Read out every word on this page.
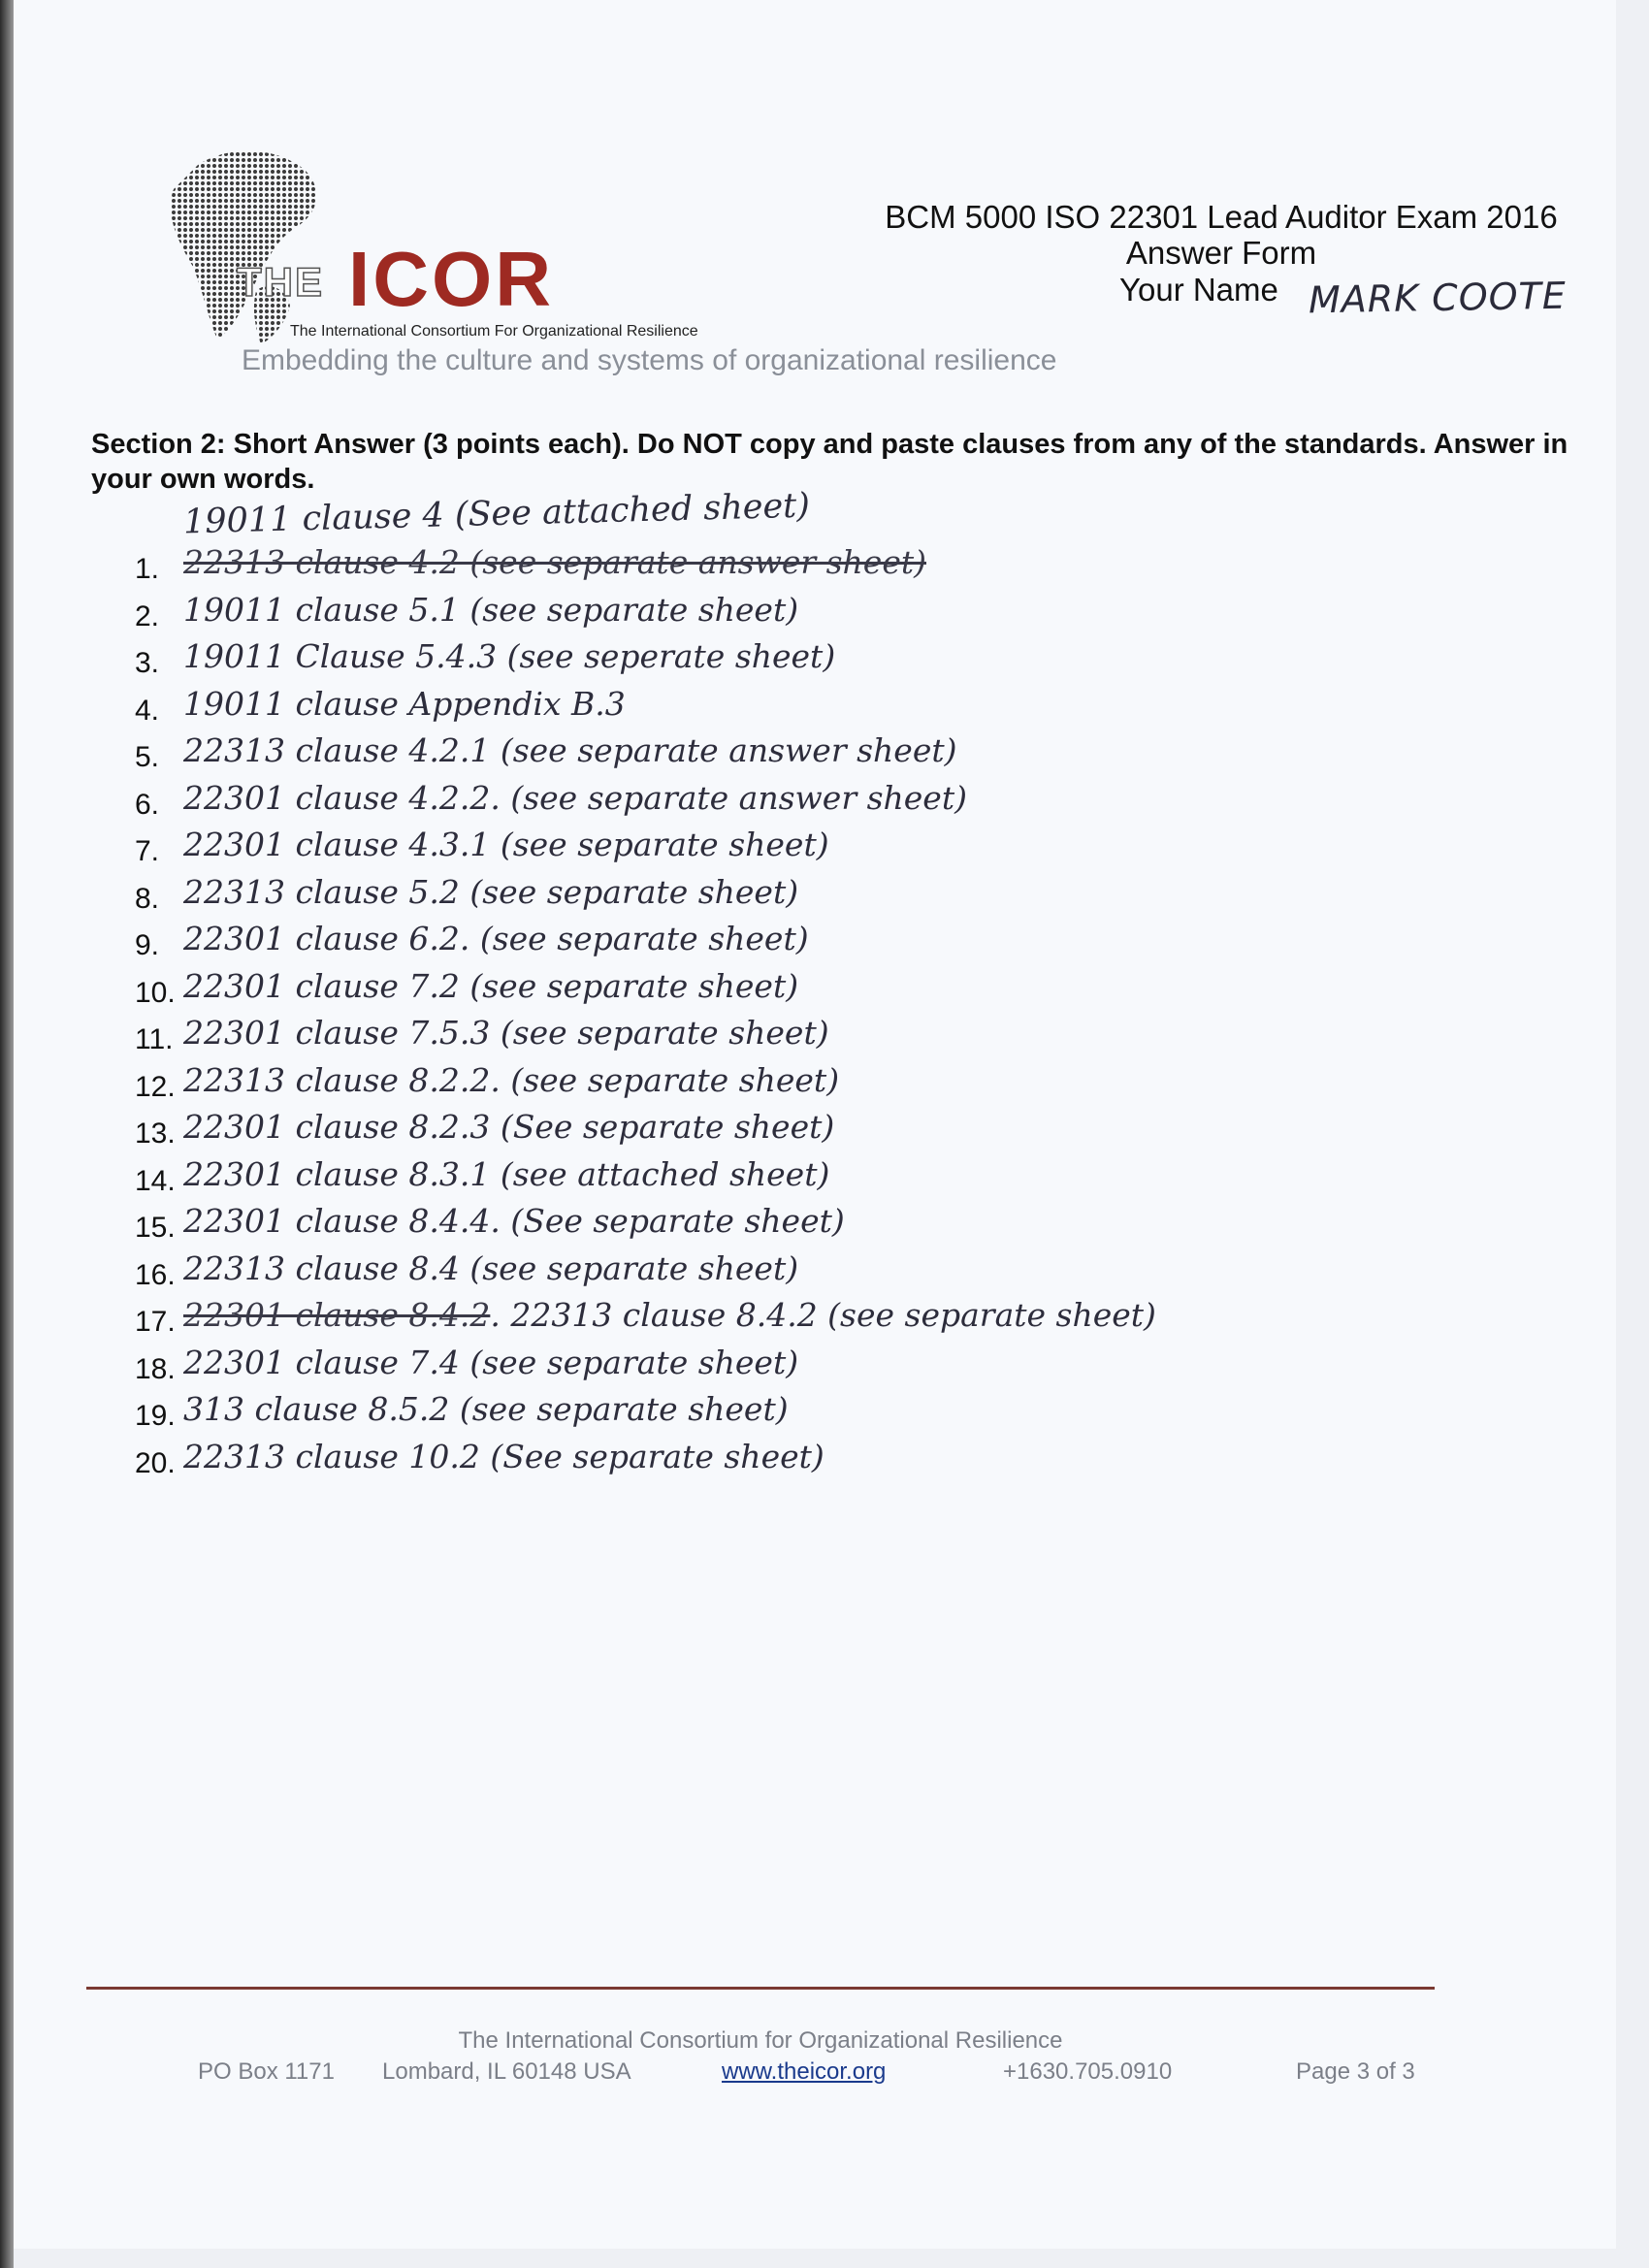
THE ICOR
The International Consortium For Organizational Resilience
Embedding the culture and systems of organizational resilience
BCM 5000 ISO 22301 Lead Auditor Exam 2016
Answer Form
Your Name MARK COOTE
Section 2: Short Answer (3 points each). Do NOT copy and paste clauses from any of the standards. Answer in your own words.
19011 clause 4 (See attached sheet)
1. 22313 clause 4.2 (see separate answer sheet)
2. 19011 clause 5.1 (see separate sheet)
3. 19011 Clause 5.4.3 (see seperate sheet)
4. 19011 clause Appendix B.3
5. 22313 clause 4.2.1 (see separate answer sheet)
6. 22301 clause 4.2.2. (see separate answer sheet)
7. 22301 clause 4.3.1 (see separate sheet)
8. 22313 clause 5.2 (see separate sheet)
9. 22301 clause 6.2. (see separate sheet)
10. 22301 clause 7.2 (see separate sheet)
11. 22301 clause 7.5.3 (see separate sheet)
12. 22313 clause 8.2.2. (see separate sheet)
13. 22301 clause 8.2.3 (See separate sheet)
14. 22301 clause 8.3.1 (see attached sheet)
15. 22301 clause 8.4.4. (See separate sheet)
16. 22313 clause 8.4 (see separate sheet)
17. 22301 clause 8.4.2. 22313 clause 8.4.2 (see separate sheet)
18. 22301 clause 7.4 (see separate sheet)
19. 313 clause 8.5.2 (see separate sheet)
20. 22313 clause 10.2 (See separate sheet)
The International Consortium for Organizational Resilience
PO Box 1171 Lombard, IL 60148 USA	www.theicor.org	+1630.705.0910	Page 3 of 3
